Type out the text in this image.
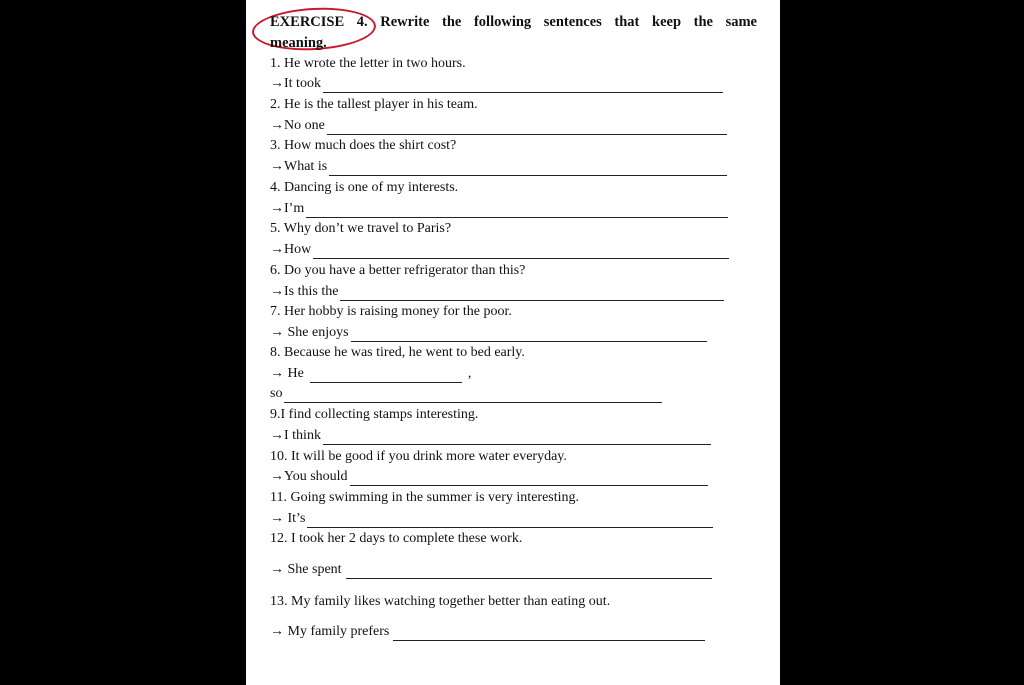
EXERCISE 4. Rewrite the following sentences that keep the same
meaning.
1. He wrote the letter in two hours.
→It took
2. He is the tallest player in his team.
→No one
3. How much does the shirt cost?
→What is
4. Dancing is one of my interests.
→I’m
5. Why don’t we travel to Paris?
→How
6. Do you have a better refrigerator than this?
→Is this the
7. Her hobby is raising money for the poor.
→ She enjoys
8. Because he was tired, he went to bed early.
→ He	,
so
9.I find collecting stamps interesting.
→I think
10. It will be good if you drink more water everyday.
→You should
11. Going swimming in the summer is very interesting.
→ It’s
12. I took her 2 days to complete these work.
→ She spent
13. My family likes watching together better than eating out.
→ My family prefers
